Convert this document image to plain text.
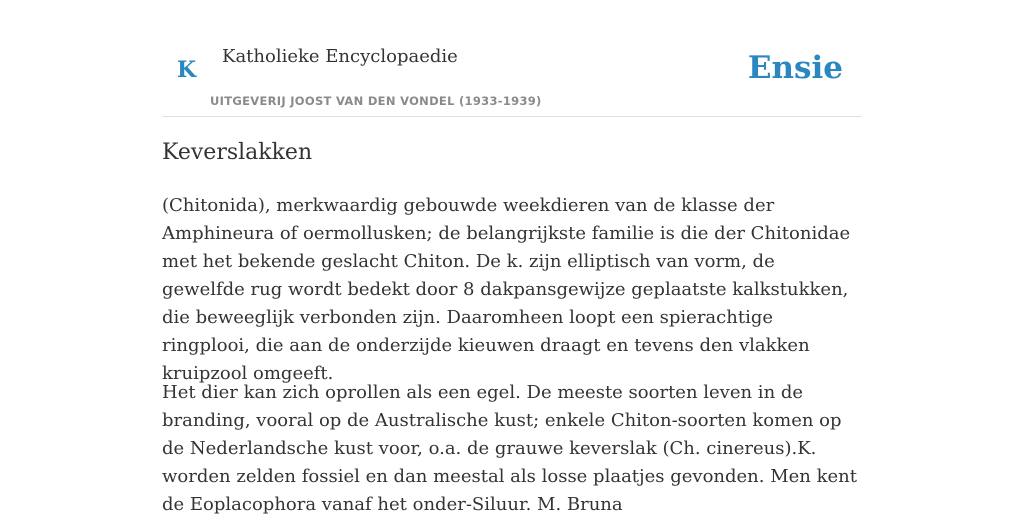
K
Katholieke Encyclopaedie
UITGEVERIJ JOOST VAN DEN VONDEL (1933-1939)
Ensie
Keverslakken

(Chitonida), merkwaardig gebouwde weekdieren van de klasse der Amphineura of oermollusken; de belangrijkste familie is die der Chitonidae met het bekende geslacht Chiton. De k. zijn elliptisch van vorm, de gewelfde rug wordt bedekt door 8 dakpansgewijze geplaatste kalkstukken, die beweeglijk verbonden zijn. Daaromheen loopt een spierachtige ringplooi, die aan de onderzijde kieuwen draagt en tevens den vlakken kruipzool omgeeft.

Het dier kan zich oprollen als een egel. De meeste soorten leven in de branding, vooral op de Australische kust; enkele Chiton-soorten komen op de Nederlandsche kust voor, o.a. de grauwe keverslak (Ch. cinereus).K. worden zelden fossiel en dan meestal als losse plaatjes gevonden. Men kent de Eoplacophora vanaf het onder-Siluur. M. Bruna
